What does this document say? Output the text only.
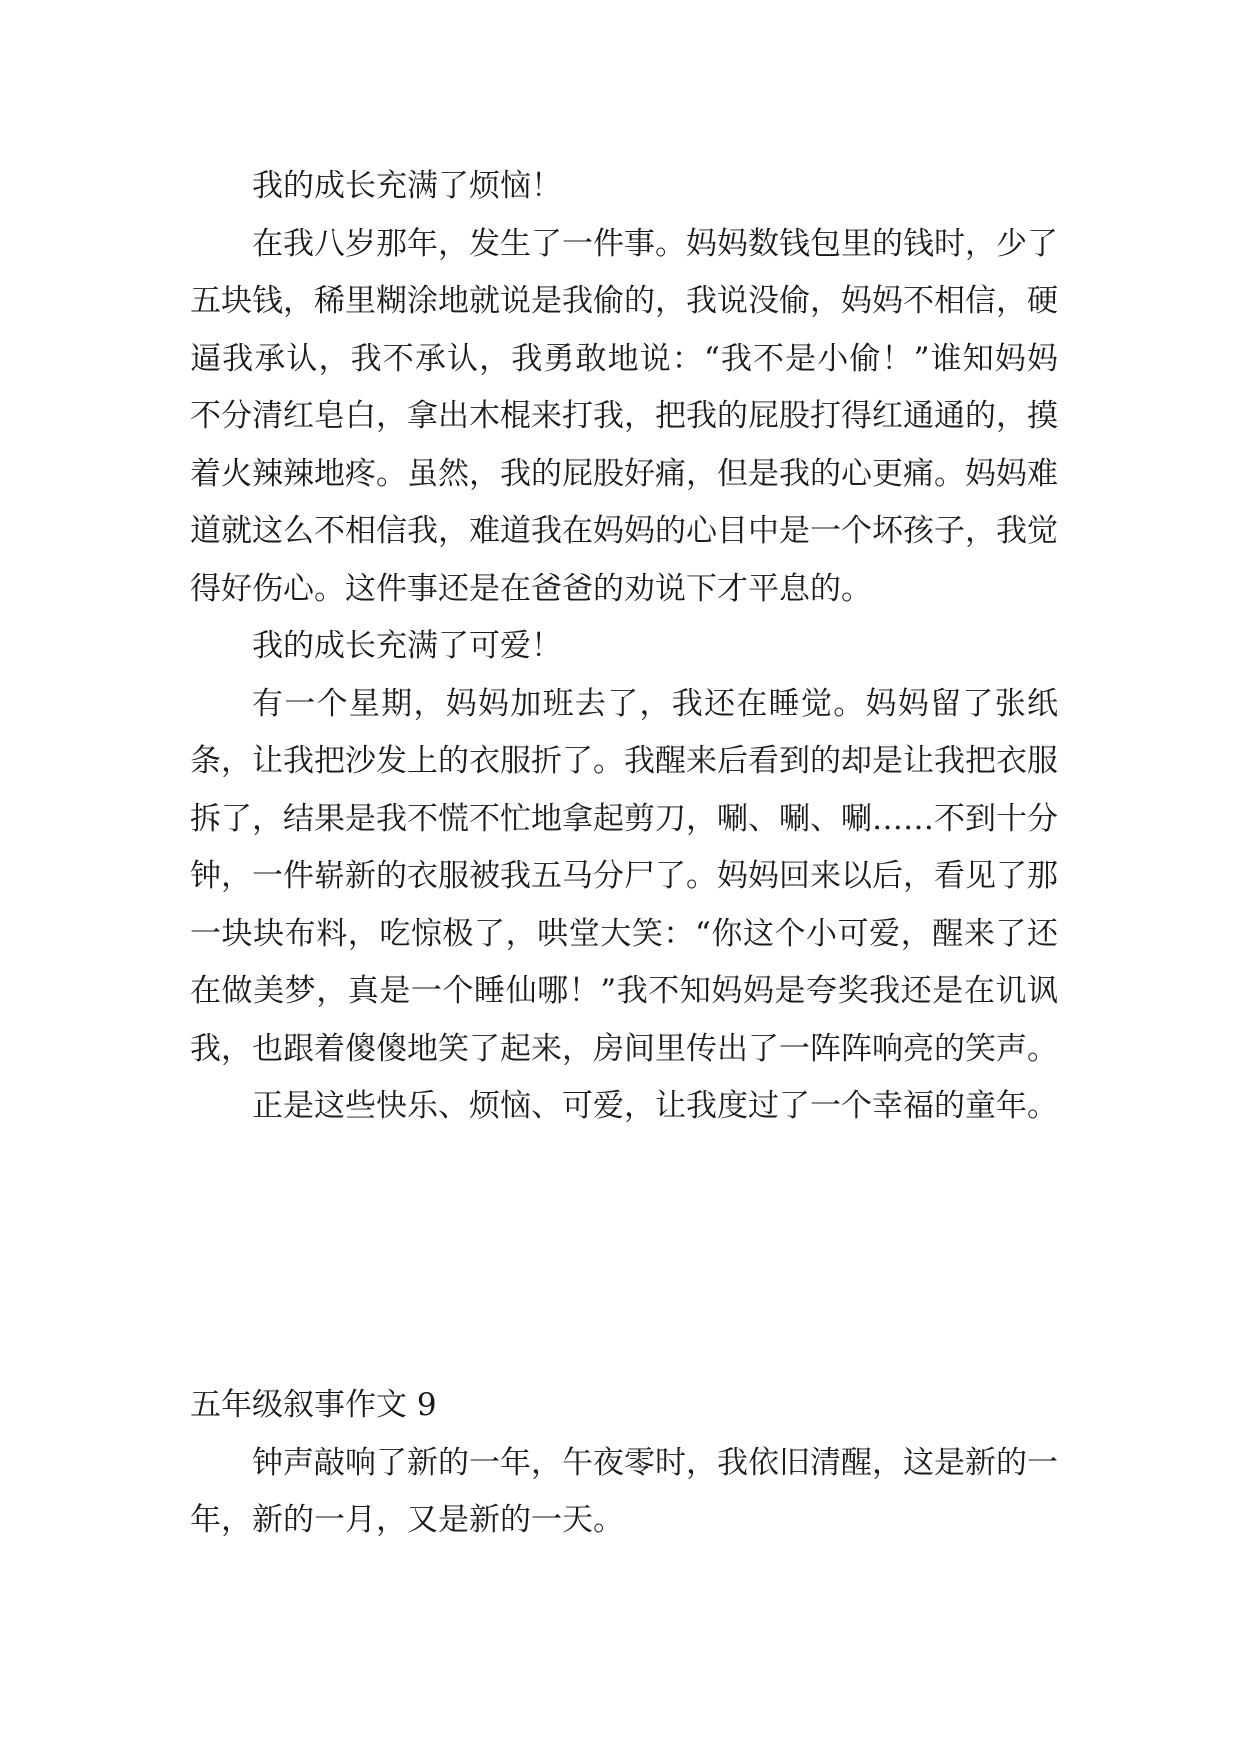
我的成长充满了烦恼！

在我八岁那年，发生了一件事。妈妈数钱包里的钱时，少了五块钱，稀里糊涂地就说是我偷的，我说没偷，妈妈不相信，硬逼我承认，我不承认，我勇敢地说：“我不是小偷！”谁知妈妈不分清红皂白，拿出木棍来打我，把我的屁股打得红通通的，摸着火辣辣地疼。虽然，我的屁股好痛，但是我的心更痛。妈妈难道就这么不相信我，难道我在妈妈的心目中是一个坏孩子，我觉得好伤心。这件事还是在爸爸的劝说下才平息的。

我的成长充满了可爱！

有一个星期，妈妈加班去了，我还在睡觉。妈妈留了张纸条，让我把沙发上的衣服折了。我醒来后看到的却是让我把衣服拆了，结果是我不慌不忙地拿起剪刀，唰、唰、唰……不到十分钟，一件崭新的衣服被我五马分尸了。妈妈回来以后，看见了那一块块布料，吃惊极了，哄堂大笑：“你这个小可爱，醒来了还在做美梦，真是一个睡仙哪！”我不知妈妈是夸奖我还是在讥讽我，也跟着傻傻地笑了起来，房间里传出了一阵阵响亮的笑声。

正是这些快乐、烦恼、可爱，让我度过了一个幸福的童年。

五年级叙事作文 9

钟声敲响了新的一年，午夜零时，我依旧清醒，这是新的一年，新的一月，又是新的一天。
